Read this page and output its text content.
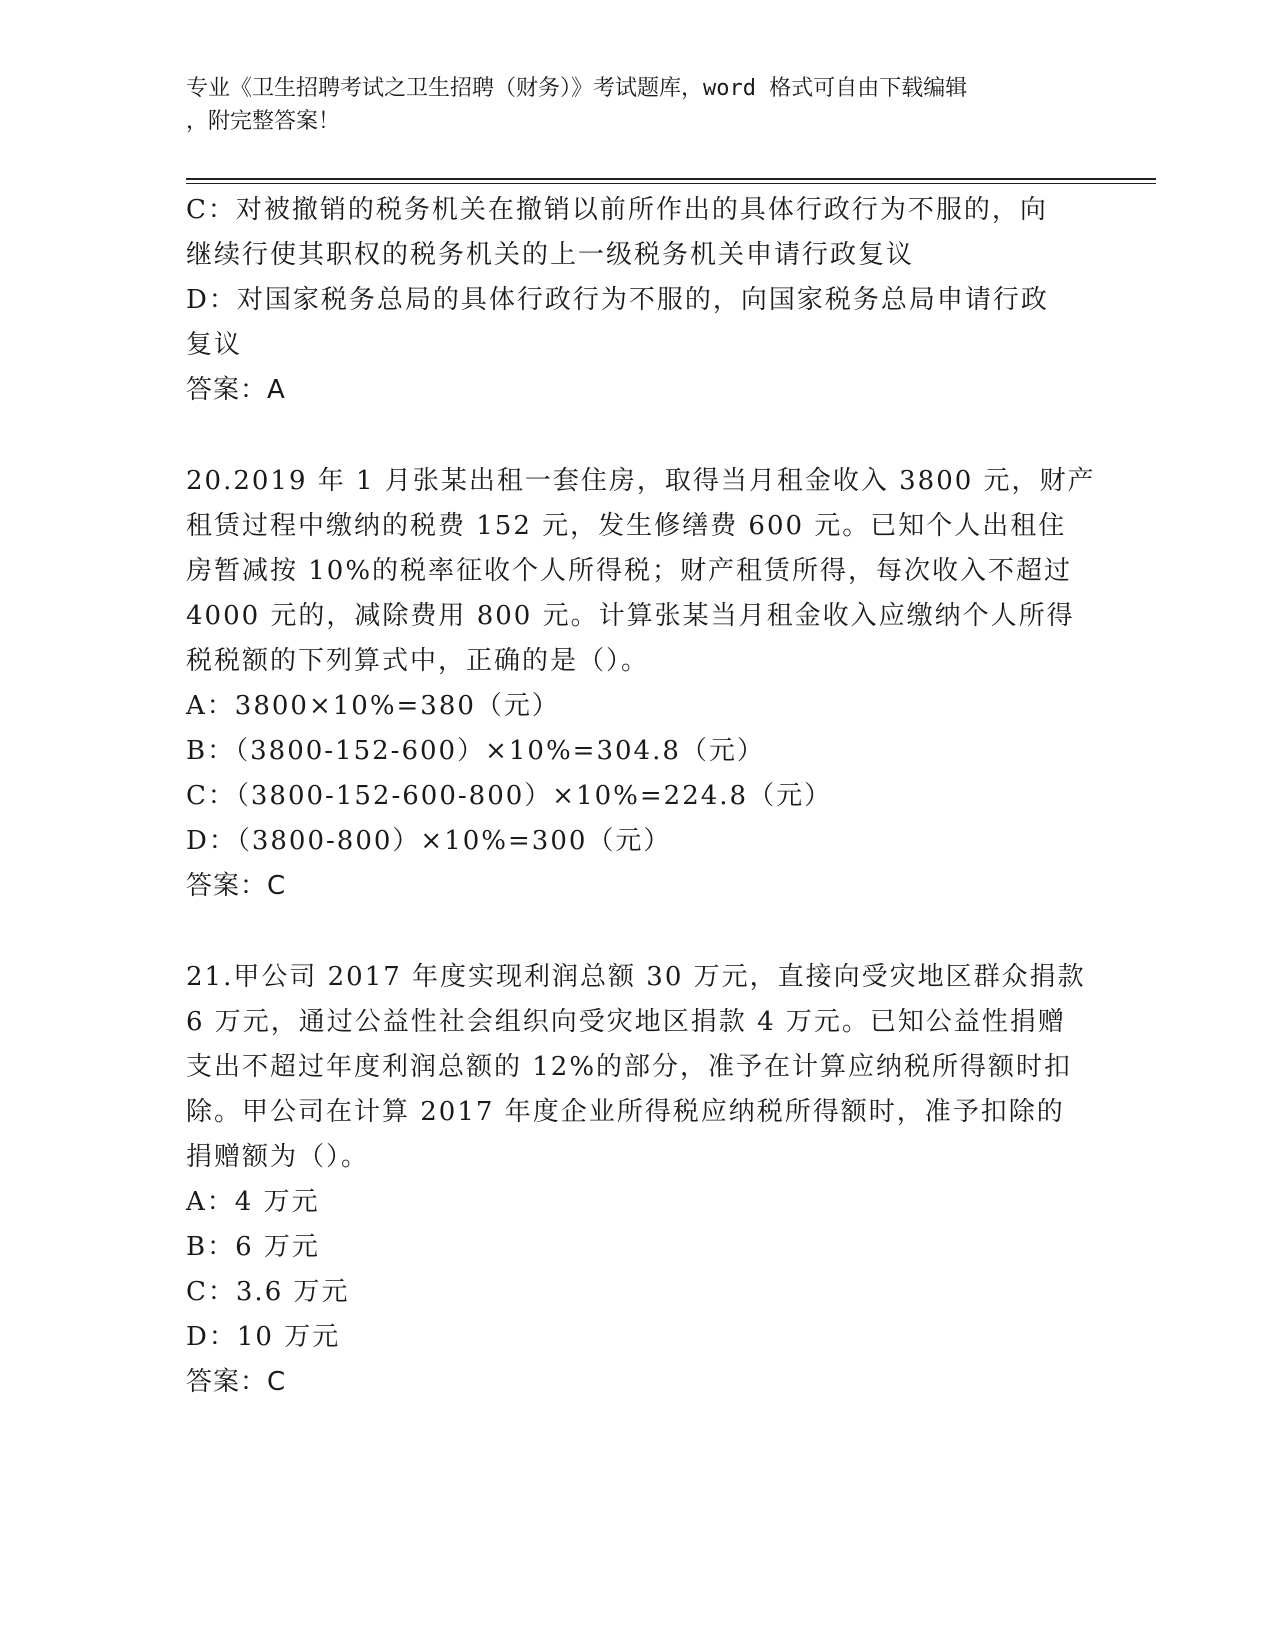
专业《卫生招聘考试之卫生招聘（财务）》考试题库，word 格式可自由下载编辑
，附完整答案！
C：对被撤销的税务机关在撤销以前所作出的具体行政行为不服的，向
继续行使其职权的税务机关的上一级税务机关申请行政复议
D：对国家税务总局的具体行政行为不服的，向国家税务总局申请行政
复议
答案：A
20.2019 年 1 月张某出租一套住房，取得当月租金收入 3800 元，财产
租赁过程中缴纳的税费 152 元，发生修缮费 600 元。已知个人出租住
房暂减按 10%的税率征收个人所得税；财产租赁所得，每次收入不超过
4000 元的，减除费用 800 元。计算张某当月租金收入应缴纳个人所得
税税额的下列算式中，正确的是（）。
A：3800×10%=380（元）
B：（3800-152-600）×10%=304.8（元）
C：（3800-152-600-800）×10%=224.8（元）
D：（3800-800）×10%=300（元）
答案：C
21.甲公司 2017 年度实现利润总额 30 万元，直接向受灾地区群众捐款
6 万元，通过公益性社会组织向受灾地区捐款 4 万元。已知公益性捐赠
支出不超过年度利润总额的 12%的部分，准予在计算应纳税所得额时扣
除。甲公司在计算 2017 年度企业所得税应纳税所得额时，准予扣除的
捐赠额为（）。
A：4 万元
B：6 万元
C：3.6 万元
D：10 万元
答案：C
